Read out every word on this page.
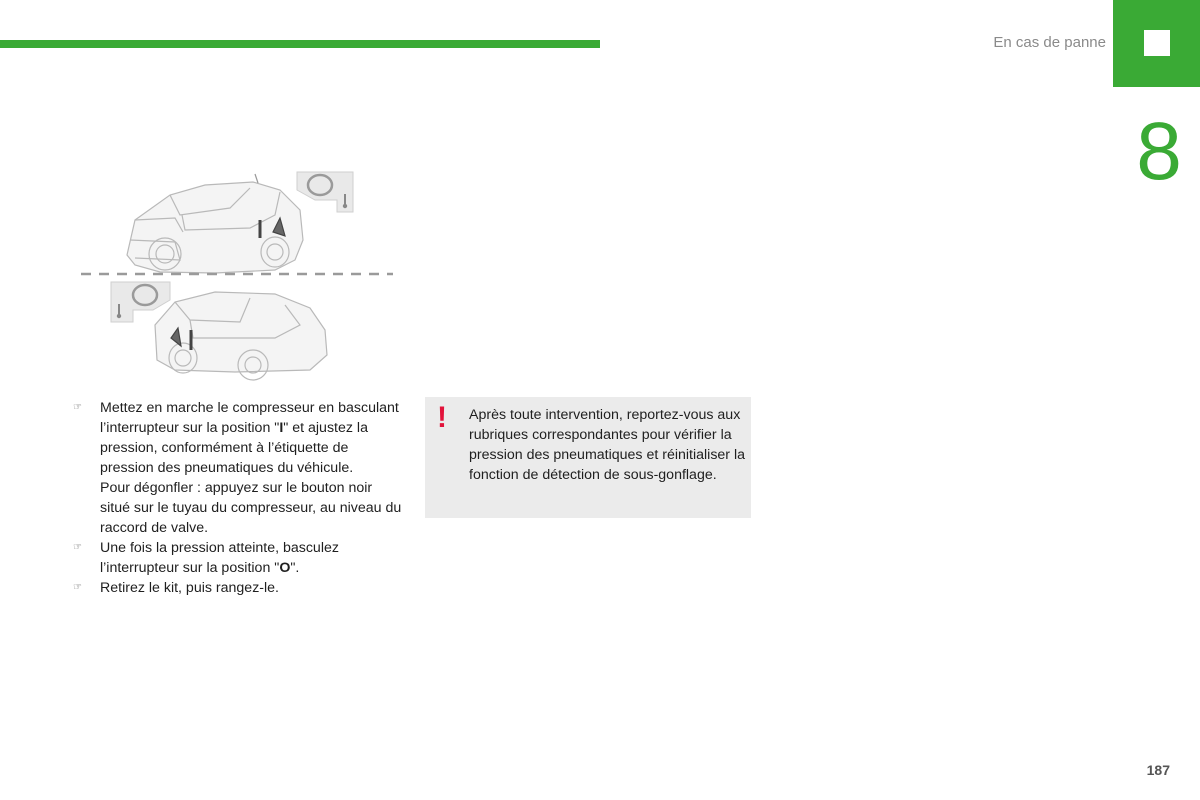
En cas de panne
8
☞	Mettez en marche le compresseur en basculant l’interrupteur sur la position "I" et ajustez la pression, conformément à l’étiquette de pression des pneumatiques du véhicule.
Pour dégonfler : appuyez sur le bouton noir situé sur le tuyau du compresseur, au niveau du raccord de valve.
☞	Une fois la pression atteinte, basculez l’interrupteur sur la position "O".
☞	Retirez le kit, puis rangez-le.
! Après toute intervention, reportez-vous aux rubriques correspondantes pour vérifier la pression des pneumatiques et réinitialiser la fonction de détection de sous-gonflage.
187
